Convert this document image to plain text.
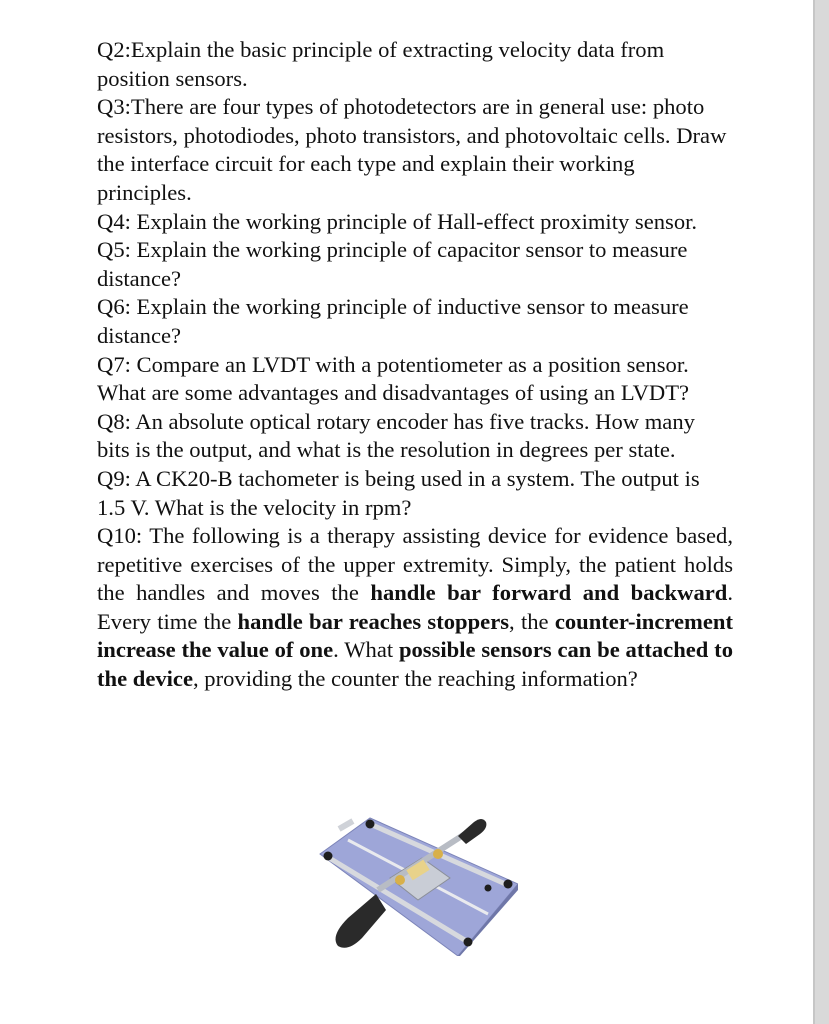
Q2:Explain the basic principle of extracting velocity data from position sensors.

Q3:There are four types of photodetectors are in general use: photo resistors, photodiodes, photo transistors, and photovoltaic cells. Draw the interface circuit for each type and explain their working principles.

Q4: Explain the working principle of Hall-effect proximity sensor.

Q5: Explain the working principle of capacitor sensor to measure distance?

Q6: Explain the working principle of inductive sensor to measure distance?

Q7: Compare an LVDT with a potentiometer as a position sensor. What are some advantages and disadvantages of using an LVDT?

Q8: An absolute optical rotary encoder has five tracks. How many bits is the output, and what is the resolution in degrees per state.

Q9: A CK20-B tachometer is being used in a system. The output is 1.5 V. What is the velocity in rpm?

Q10: The following is a therapy assisting device for evidence based, repetitive exercises of the upper extremity. Simply, the patient holds the handles and moves the handle bar forward and backward. Every time the handle bar reaches stoppers, the counter-increment increase the value of one. What possible sensors can be attached to the device, providing the counter the reaching information?
